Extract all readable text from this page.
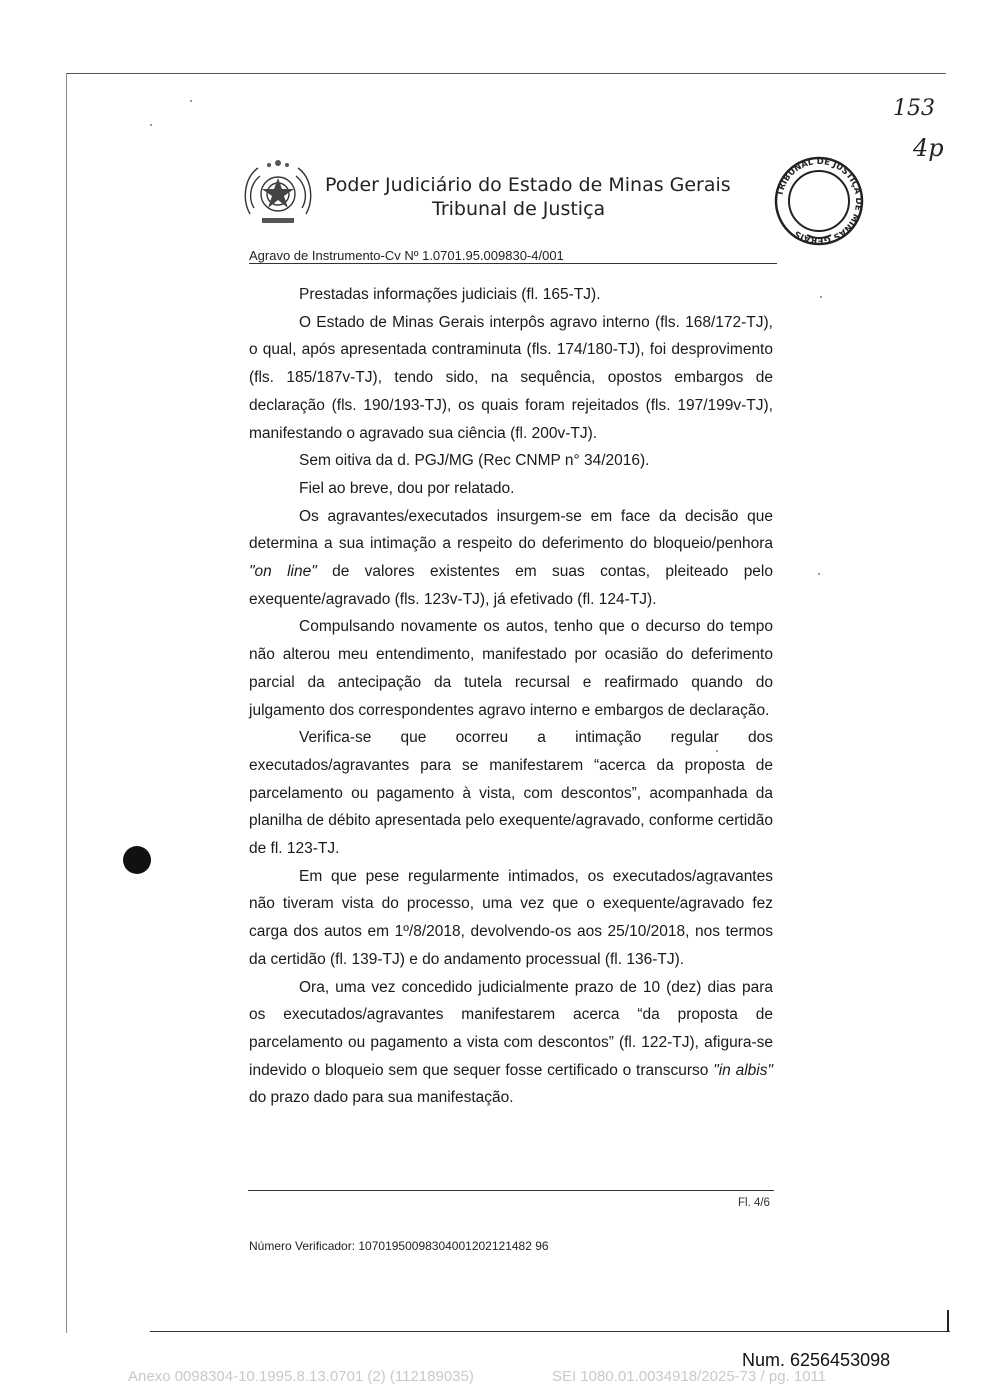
153
4p
Poder Judiciário do Estado de Minas Gerais
Tribunal de Justiça
TRIBUNAL DE JUSTIÇA DE MINAS GERAIS
Agravo de Instrumento-Cv Nº 1.0701.95.009830-4/001

Prestadas informações judiciais (fl. 165-TJ).

O Estado de Minas Gerais interpôs agravo interno (fls. 168/172-TJ), o qual, após apresentada contraminuta (fls. 174/180-TJ), foi desprovimento (fls. 185/187v-TJ), tendo sido, na sequência, opostos embargos de declaração (fls. 190/193-TJ), os quais foram rejeitados (fls. 197/199v-TJ), manifestando o agravado sua ciência (fl. 200v-TJ).

Sem oitiva da d. PGJ/MG (Rec CNMP n° 34/2016).

Fiel ao breve, dou por relatado.

Os agravantes/executados insurgem-se em face da decisão que determina a sua intimação a respeito do deferimento do bloqueio/penhora "on line" de valores existentes em suas contas, pleiteado pelo exequente/agravado (fls. 123v-TJ), já efetivado (fl. 124-TJ).

Compulsando novamente os autos, tenho que o decurso do tempo não alterou meu entendimento, manifestado por ocasião do deferimento parcial da antecipação da tutela recursal e reafirmado quando do julgamento dos correspondentes agravo interno e embargos de declaração.

Verifica-se que ocorreu a intimação regular dos executados/agravantes para se manifestarem “acerca da proposta de parcelamento ou pagamento à vista, com descontos”, acompanhada da planilha de débito apresentada pelo exequente/agravado, conforme certidão de fl. 123-TJ.

Em que pese regularmente intimados, os executados/agravantes não tiveram vista do processo, uma vez que o exequente/agravado fez carga dos autos em 1º/8/2018, devolvendo-os aos 25/10/2018, nos termos da certidão (fl. 139-TJ) e do andamento processual (fl. 136-TJ).

Ora, uma vez concedido judicialmente prazo de 10 (dez) dias para os executados/agravantes manifestarem acerca “da proposta de parcelamento ou pagamento a vista com descontos” (fl. 122-TJ), afigura-se indevido o bloqueio sem que sequer fosse certificado o transcurso "in albis" do prazo dado para sua manifestação.

Fl. 4/6
Número Verificador: 10701950098304001202121482 96
Num. 6256453098
Anexo 0098304-10.1995.8.13.0701 (2) (112189035)	SEI 1080.01.0034918/2025-73 / pg. 1011
